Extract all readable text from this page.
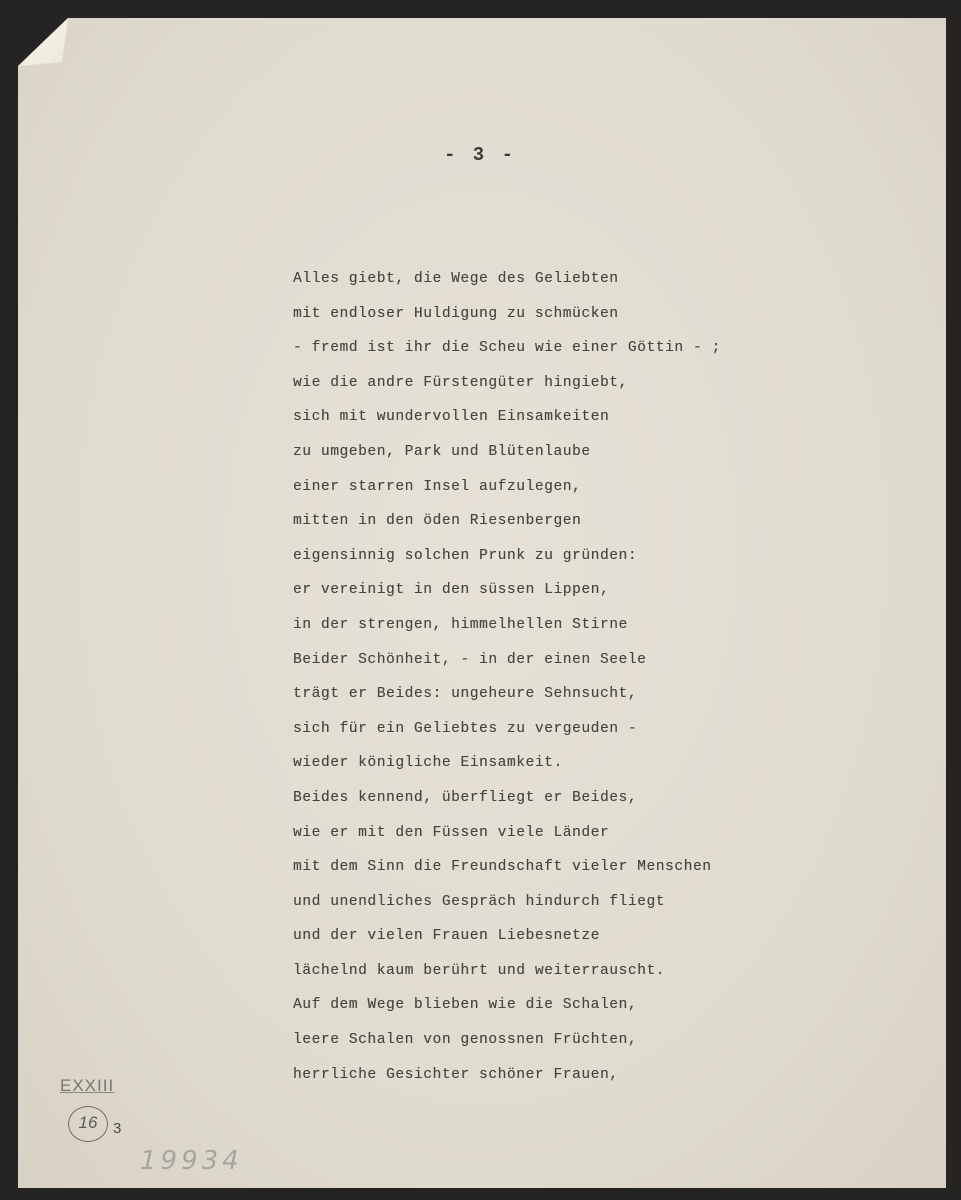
- 3 -

Alles giebt, die Wege des Geliebten
mit endloser Huldigung zu schmücken
- fremd ist ihr die Scheu wie einer Göttin - ;
wie die andre Fürstengüter hingiebt,
sich mit wundervollen Einsamkeiten
zu umgeben, Park und Blütenlaube
einer starren Insel aufzulegen,
mitten in den öden Riesenbergen
eigensinnig solchen Prunk zu gründen:
er vereinigt in den süssen Lippen,
in der strengen, himmelhellen Stirne
Beider Schönheit, - in der einen Seele
trägt er Beides: ungeheure Sehnsucht,
sich für ein Geliebtes zu vergeuden -
wieder königliche Einsamkeit.
Beides kennend, überfliegt er Beides,
wie er mit den Füssen viele Länder
mit dem Sinn die Freundschaft vieler Menschen
und unendliches Gespräch hindurch fliegt
und der vielen Frauen Liebesnetze
lächelnd kaum berührt und weiterrauscht.
Auf dem Wege blieben wie die Schalen,
leere Schalen von genossnen Früchten,
herrliche Gesichter schöner Frauen,
EXXIII
16	3
19934
